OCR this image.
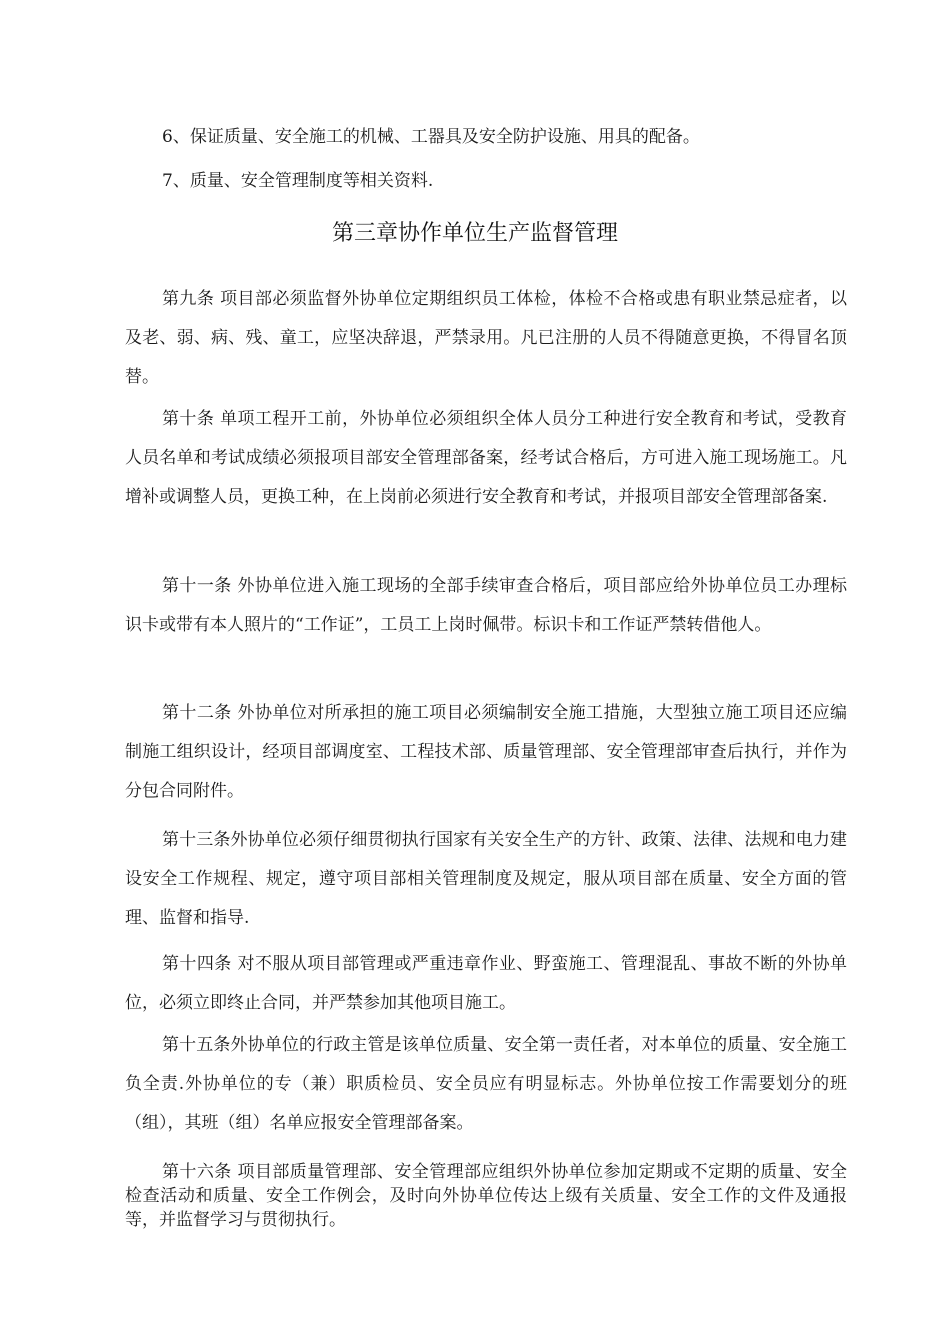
6、保证质量、安全施工的机械、工器具及安全防护设施、用具的配备。

7、质量、安全管理制度等相关资料.

第三章协作单位生产监督管理

第九条 项目部必须监督外协单位定期组织员工体检，体检不合格或患有职业禁忌症者，以及老、弱、病、残、童工，应坚决辞退，严禁录用。凡已注册的人员不得随意更换，不得冒名顶替。

第十条 单项工程开工前，外协单位必须组织全体人员分工种进行安全教育和考试，受教育人员名单和考试成绩必须报项目部安全管理部备案，经考试合格后，方可进入施工现场施工。凡增补或调整人员，更换工种，在上岗前必须进行安全教育和考试，并报项目部安全管理部备案.

第十一条 外协单位进入施工现场的全部手续审查合格后，项目部应给外协单位员工办理标识卡或带有本人照片的“工作证”，工员工上岗时佩带。标识卡和工作证严禁转借他人。

第十二条 外协单位对所承担的施工项目必须编制安全施工措施，大型独立施工项目还应编制施工组织设计，经项目部调度室、工程技术部、质量管理部、安全管理部审查后执行，并作为分包合同附件。

第十三条外协单位必须仔细贯彻执行国家有关安全生产的方针、政策、法律、法规和电力建设安全工作规程、规定，遵守项目部相关管理制度及规定，服从项目部在质量、安全方面的管理、监督和指导.

第十四条 对不服从项目部管理或严重违章作业、野蛮施工、管理混乱、事故不断的外协单位，必须立即终止合同，并严禁参加其他项目施工。

第十五条外协单位的行政主管是该单位质量、安全第一责任者，对本单位的质量、安全施工负全责.外协单位的专（兼）职质检员、安全员应有明显标志。外协单位按工作需要划分的班（组），其班（组）名单应报安全管理部备案。

第十六条 项目部质量管理部、安全管理部应组织外协单位参加定期或不定期的质量、安全检查活动和质量、安全工作例会，及时向外协单位传达上级有关质量、安全工作的文件及通报等，并监督学习与贯彻执行。
